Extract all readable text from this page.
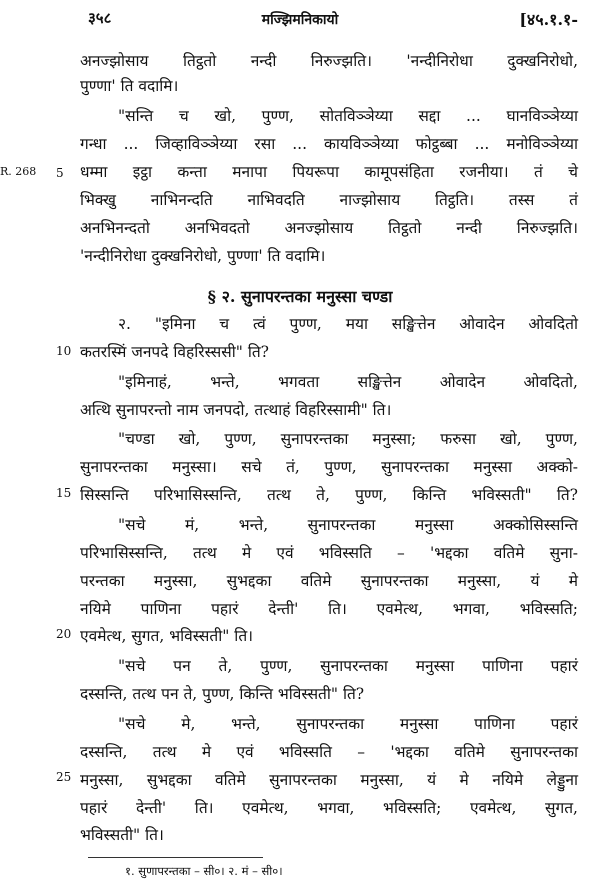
३५८	मज्झिमनिकायो	[४५.१.१-
R. 268 5
10
15
20
25
अनज्झोसाय तिट्ठतो नन्दी निरुज्झति। 'नन्दीनिरोधा दुक्खनिरोधो,
पुण्णा' ति वदामि।
"सन्ति च खो, पुण्ण, सोतविञ्ञेय्या सद्दा ... घानविञ्ञेय्या
गन्धा ... जिव्हाविञ्ञेय्या रसा ... कायविञ्ञेय्या फोट्ठब्बा ... मनोविञ्ञेय्या
धम्मा इट्ठा कन्ता मनापा पियरूपा कामूपसंहिता रजनीया। तं चे
भिक्खु नाभिनन्दति नाभिवदति नाज्झोसाय तिट्ठति। तस्स तं
अनभिनन्दतो अनभिवदतो अनज्झोसाय तिट्ठतो नन्दी निरुज्झति।
'नन्दीनिरोधा दुक्खनिरोधो, पुण्णा' ति वदामि।
§ २. सुनापरन्तका मनुस्सा चण्डा
२. "इमिना च त्वं पुण्ण, मया सङ्खित्तेन ओवादेन ओवदितो
कतरस्मिं जनपदे विहरिस्ससी" ति?
"इमिनाहं, भन्ते, भगवता सङ्खित्तेन ओवादेन ओवदितो,
अत्थि सुनापरन्तो नाम जनपदो, तत्थाहं विहरिस्सामी" ति।
"चण्डा खो, पुण्ण, सुनापरन्तका मनुस्सा; फरुसा खो, पुण्ण,
सुनापरन्तका मनुस्सा। सचे तं, पुण्ण, सुनापरन्तका मनुस्सा अक्को-
सिस्सन्ति परिभासिस्सन्ति, तत्थ ते, पुण्ण, किन्ति भविस्सती" ति?
"सचे मं, भन्ते, सुनापरन्तका मनुस्सा अक्कोसिस्सन्ति
परिभासिस्सन्ति, तत्थ मे एवं भविस्सति – 'भद्दका वतिमे सुना-
परन्तका मनुस्सा, सुभद्दका वतिमे सुनापरन्तका मनुस्सा, यं मे
नयिमे पाणिना पहारं देन्ती' ति। एवमेत्थ, भगवा, भविस्सति;
एवमेत्थ, सुगत, भविस्सती" ति।
"सचे पन ते, पुण्ण, सुनापरन्तका मनुस्सा पाणिना पहारं
दस्सन्ति, तत्थ पन ते, पुण्ण, किन्ति भविस्सती" ति?
"सचे मे, भन्ते, सुनापरन्तका मनुस्सा पाणिना पहारं
दस्सन्ति, तत्थ मे एवं भविस्सति – 'भद्दका वतिमे सुनापरन्तका
मनुस्सा, सुभद्दका वतिमे सुनापरन्तका मनुस्सा, यं मे नयिमे लेड्डुना
पहारं देन्ती' ति। एवमेत्थ, भगवा, भविस्सति; एवमेत्थ, सुगत,
भविस्सती" ति।
१. सुणापरन्तका – सी०। २. मं – सी०।
